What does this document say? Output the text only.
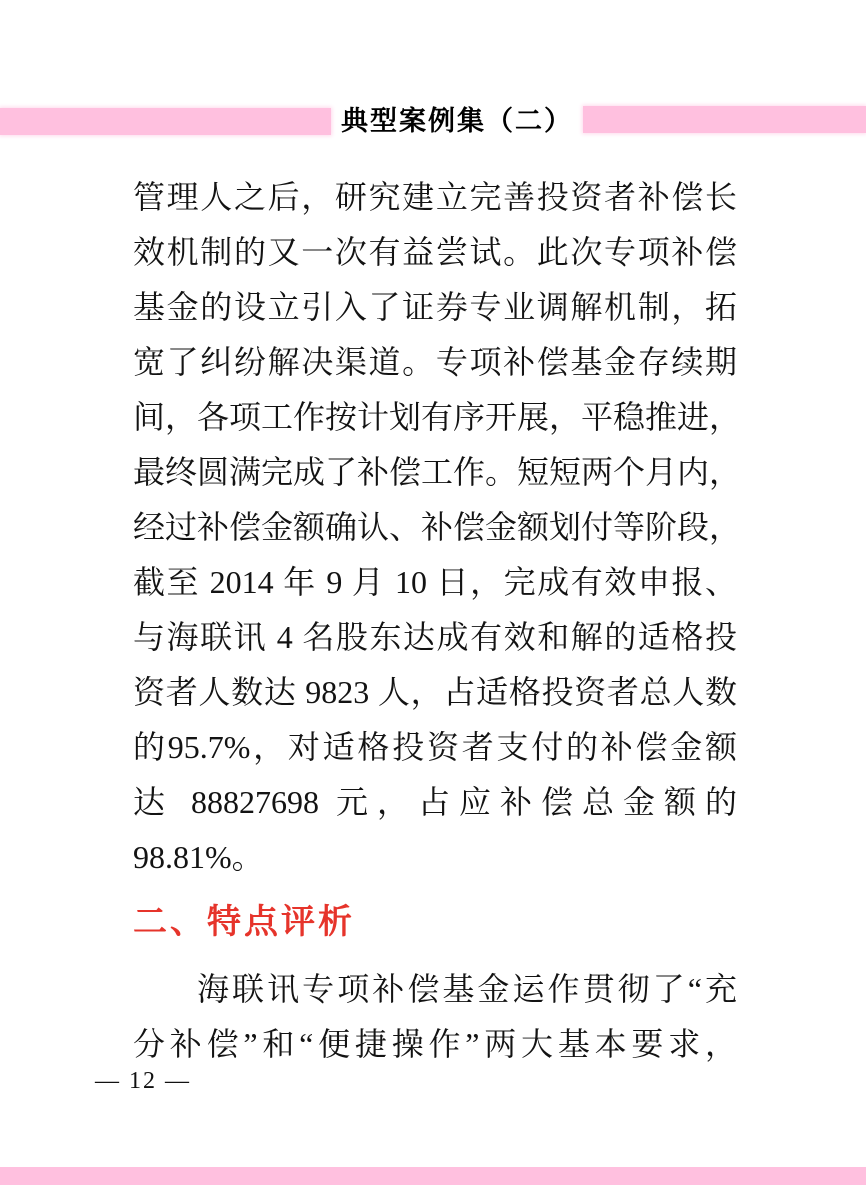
典型案例集（二）
管理人之后，研究建立完善投资者补偿长
效机制的又一次有益尝试。此次专项补偿
基金的设立引入了证券专业调解机制，拓
宽了纠纷解决渠道。专项补偿基金存续期
间，各项工作按计划有序开展，平稳推进，
最终圆满完成了补偿工作。短短两个月内，
经过补偿金额确认、补偿金额划付等阶段，
截至 2014 年 9 月 10 日，完成有效申报、
与海联讯 4 名股东达成有效和解的适格投
资者人数达 9823 人，占适格投资者总人数
的95.7%，对适格投资者支付的补偿金额
达 88827698 元，占应补偿总金额的
98.81%。
二、特点评析
海联讯专项补偿基金运作贯彻了“充
分补偿”和“便捷操作”两大基本要求，
— 12 —
